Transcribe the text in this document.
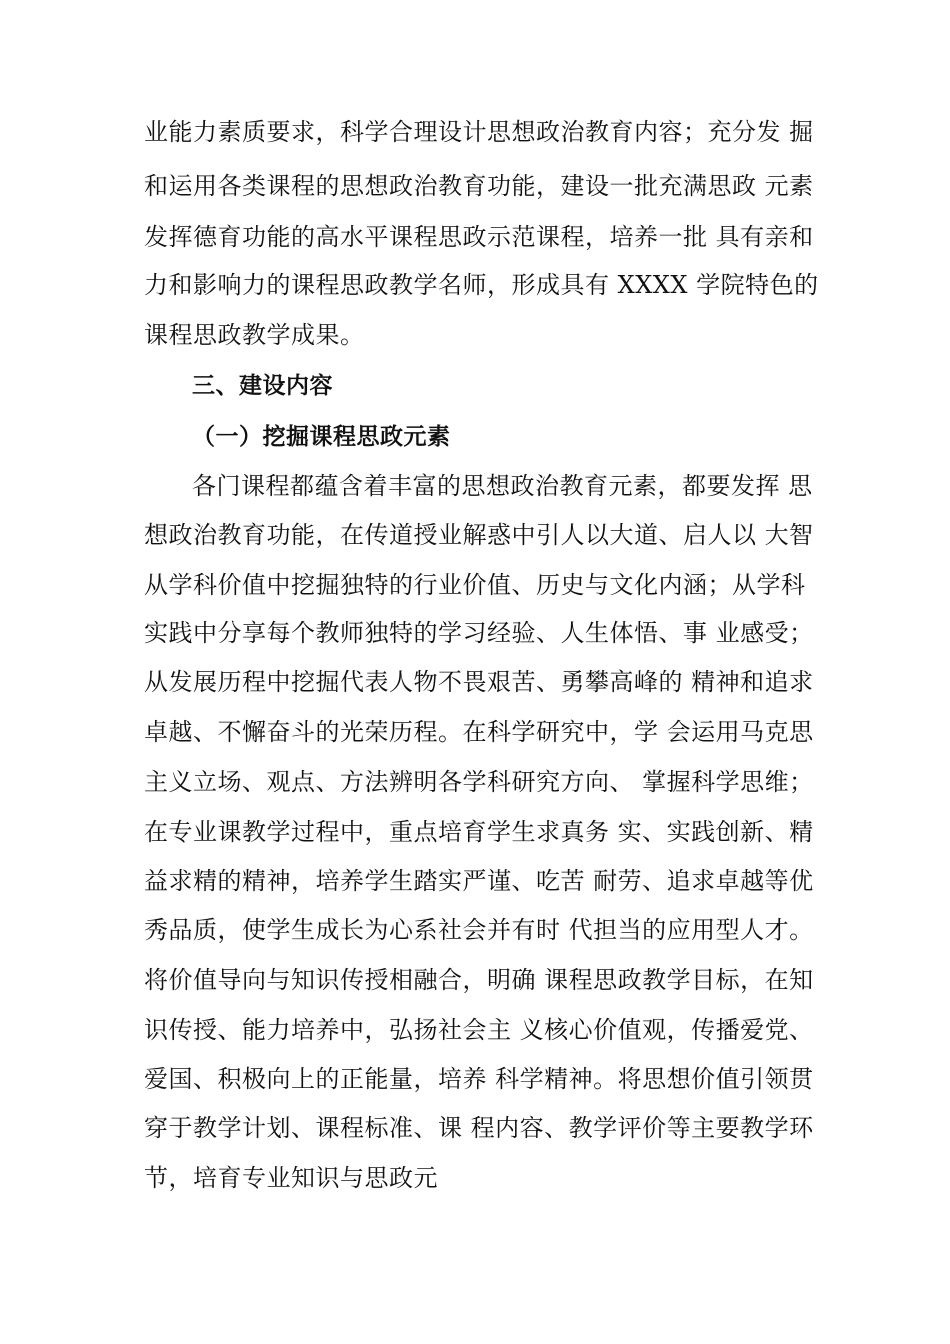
业能力素质要求，科学合理设计思想政治教育内容；充分发 掘
和运用各类课程的思想政治教育功能，建设一批充满思政 元素
发挥德育功能的高水平课程思政示范课程，培养一批 具有亲和
力和影响力的课程思政教学名师，形成具有 XXXX 学院特色的
课程思政教学成果。
三、建设内容
（一）挖掘课程思政元素
各门课程都蕴含着丰富的思想政治教育元素，都要发挥 思
想政治教育功能，在传道授业解惑中引人以大道、启人以 大智
从学科价值中挖掘独特的行业价值、历史与文化内涵；从学科
实践中分享每个教师独特的学习经验、人生体悟、事 业感受；
从发展历程中挖掘代表人物不畏艰苦、勇攀高峰的 精神和追求
卓越、不懈奋斗的光荣历程。在科学研究中，学 会运用马克思
主义立场、观点、方法辨明各学科研究方向、 掌握科学思维；
在专业课教学过程中，重点培育学生求真务 实、实践创新、精
益求精的精神，培养学生踏实严谨、吃苦 耐劳、追求卓越等优
秀品质，使学生成长为心系社会并有时 代担当的应用型人才。
将价值导向与知识传授相融合，明确 课程思政教学目标，在知
识传授、能力培养中，弘扬社会主 义核心价值观，传播爱党、
爱国、积极向上的正能量，培养 科学精神。将思想价值引领贯
穿于教学计划、课程标准、课 程内容、教学评价等主要教学环
节，培育专业知识与思政元
